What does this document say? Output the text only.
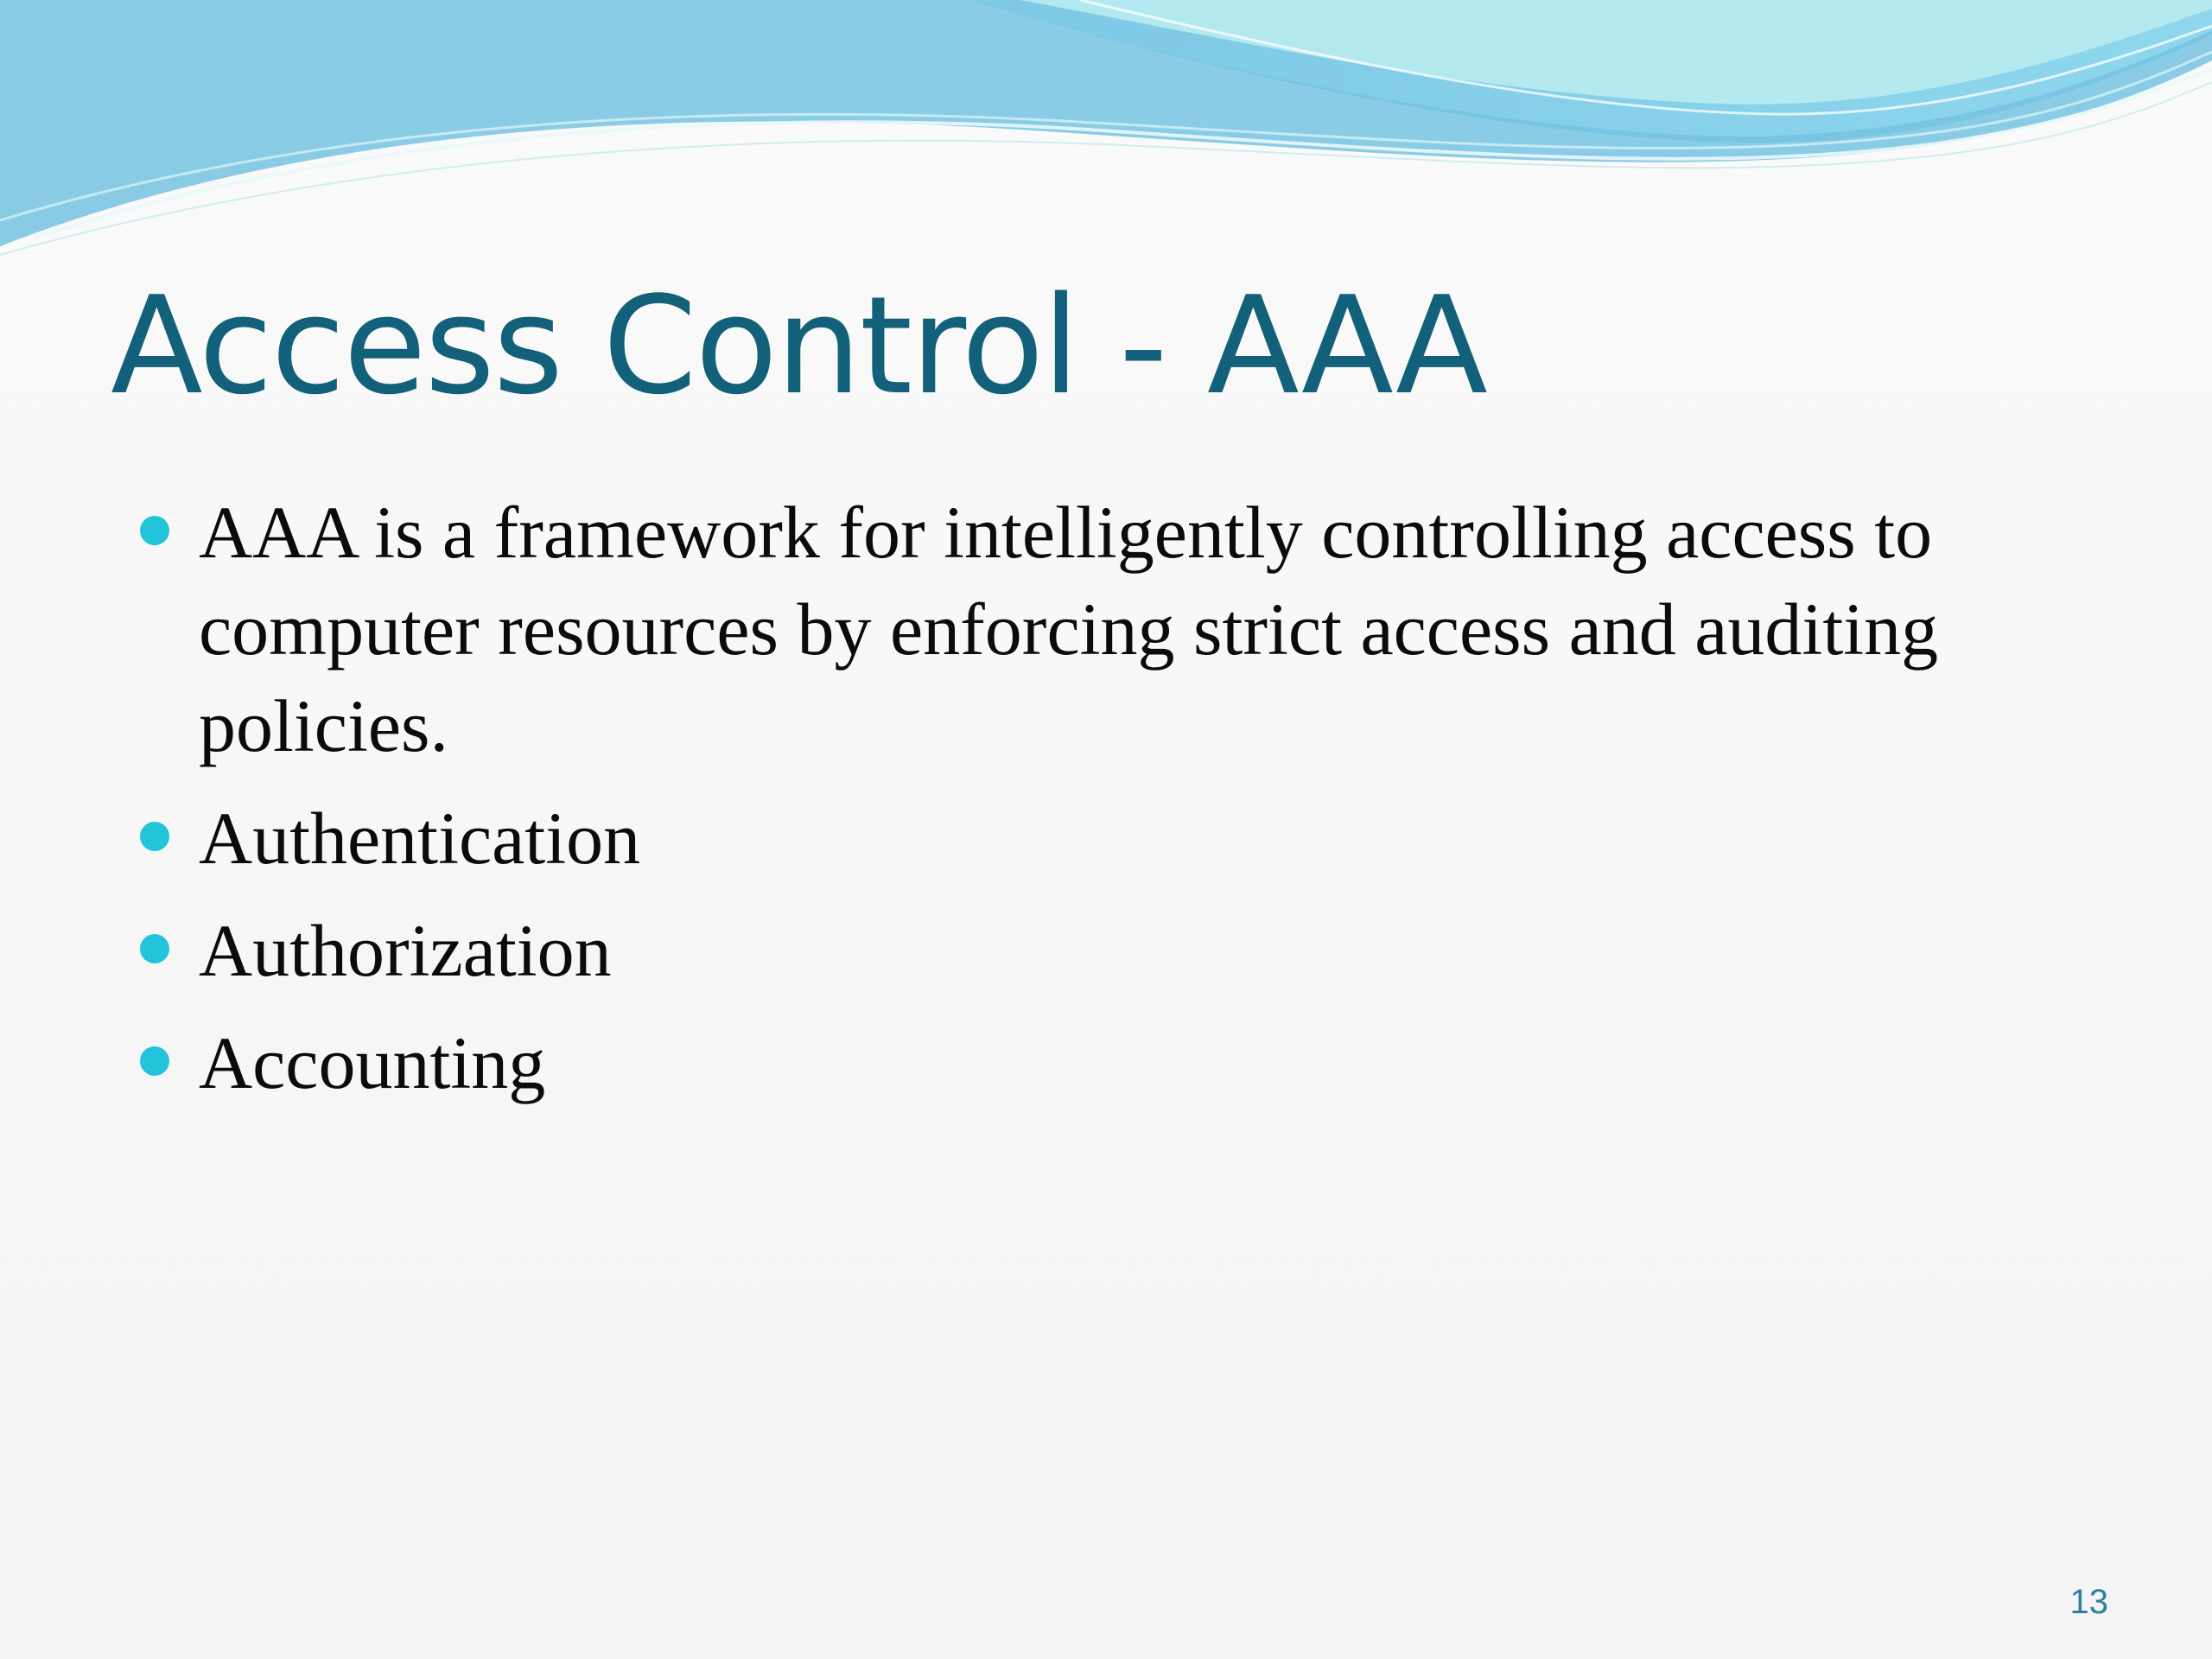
Access Control - AAA
AAA is a framework for intelligently controlling access to computer resources by enforcing strict access and auditing policies.
Authentication
Authorization
Accounting
13
